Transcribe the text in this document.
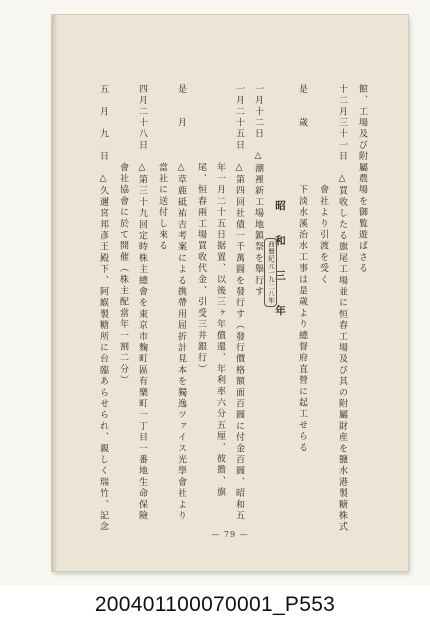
館、工場及び附屬農場を御覧遊ばさる
十二月三十一日　△買收したる旗尾工場並に恒春工場及び其の附屬財産を鹽水港製糖株式
　　　　　　　　　會社より引渡を受く
是　　歲　　　　　下淡水溪治水工事は是歲より總督府直營に起工せらる
昭　和　三　年
西曆紀元一九二八年
一月十二日　△潮裡新工場地鎮祭を舉行す
一月二十五日　△第四回社債一千萬圓を發行す（發行價格額面百圓に付金百圓、昭和五
　　　　　　　年一月二十五日据置、以後三ヶ年償還、年利率六分五厘、彼擔、旗
　　　　　　　尾、恒春兩工場買收代金、引受三井銀行）
是　　月　　　△草鹿砥祐吉考案による携帶用屈折計見本を獨逸ツァイス光學會社より
　　　　　　　當社に送付し來る
四月二十八日　△第三十九回定時株主總會を東京市麴町區有樂町一丁目一番地生命保險
　　　　　　　會社協會に於て開催（株主配當年一割二分）
五　月　九　日　△久邇宮邦彥王殿下、阿緱製糖所に台臨あらせられ、親しく瑞竹、記念
— 79 —
200401100070001_P553
